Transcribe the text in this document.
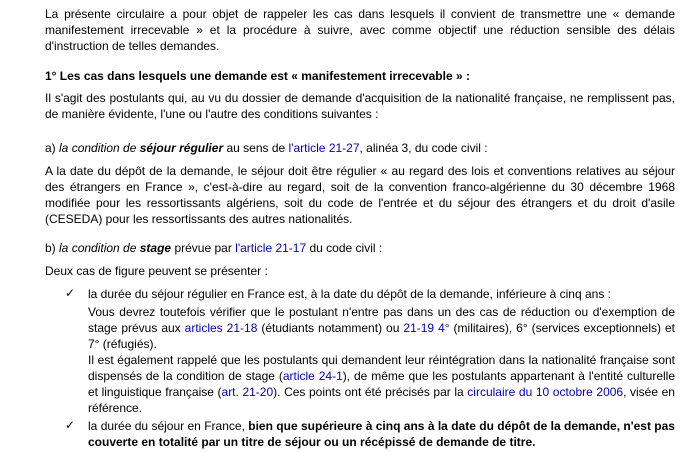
La présente circulaire a pour objet de rappeler les cas dans lesquels il convient de transmettre une « demande manifestement irrecevable » et la procédure à suivre, avec comme objectif une réduction sensible des délais d'instruction de telles demandes.
1° Les cas dans lesquels une demande est « manifestement irrecevable » :
Il s'agit des postulants qui, au vu du dossier de demande d'acquisition de la nationalité française, ne remplissent pas, de manière évidente, l'une ou l'autre des conditions suivantes :
a) la condition de séjour régulier au sens de l'article 21-27, alinéa 3, du code civil :
A la date du dépôt de la demande, le séjour doit être régulier « au regard des lois et conventions relatives au séjour des étrangers en France », c'est-à-dire au regard, soit de la convention franco-algérienne du 30 décembre 1968 modifiée pour les ressortissants algériens, soit du code de l'entrée et du séjour des étrangers et du droit d'asile (CESEDA) pour les ressortissants des autres nationalités.
b) la condition de stage prévue par l'article 21-17 du code civil :
Deux cas de figure peuvent se présenter :
✓ la durée du séjour régulier en France est, à la date du dépôt de la demande, inférieure à cinq ans :
Vous devrez toutefois vérifier que le postulant n'entre pas dans un des cas de réduction ou d'exemption de stage prévus aux articles 21-18 (étudiants notamment) ou 21-19 4° (militaires), 6° (services exceptionnels) et 7° (réfugiés).
Il est également rappelé que les postulants qui demandent leur réintégration dans la nationalité française sont dispensés de la condition de stage (article 24-1), de même que les postulants appartenant à l'entité culturelle et linguistique française (art. 21-20). Ces points ont été précisés par la circulaire du 10 octobre 2006, visée en référence.
✓ la durée du séjour en France, bien que supérieure à cinq ans à la date du dépôt de la demande, n'est pas couverte en totalité par un titre de séjour ou un récépissé de demande de titre.
